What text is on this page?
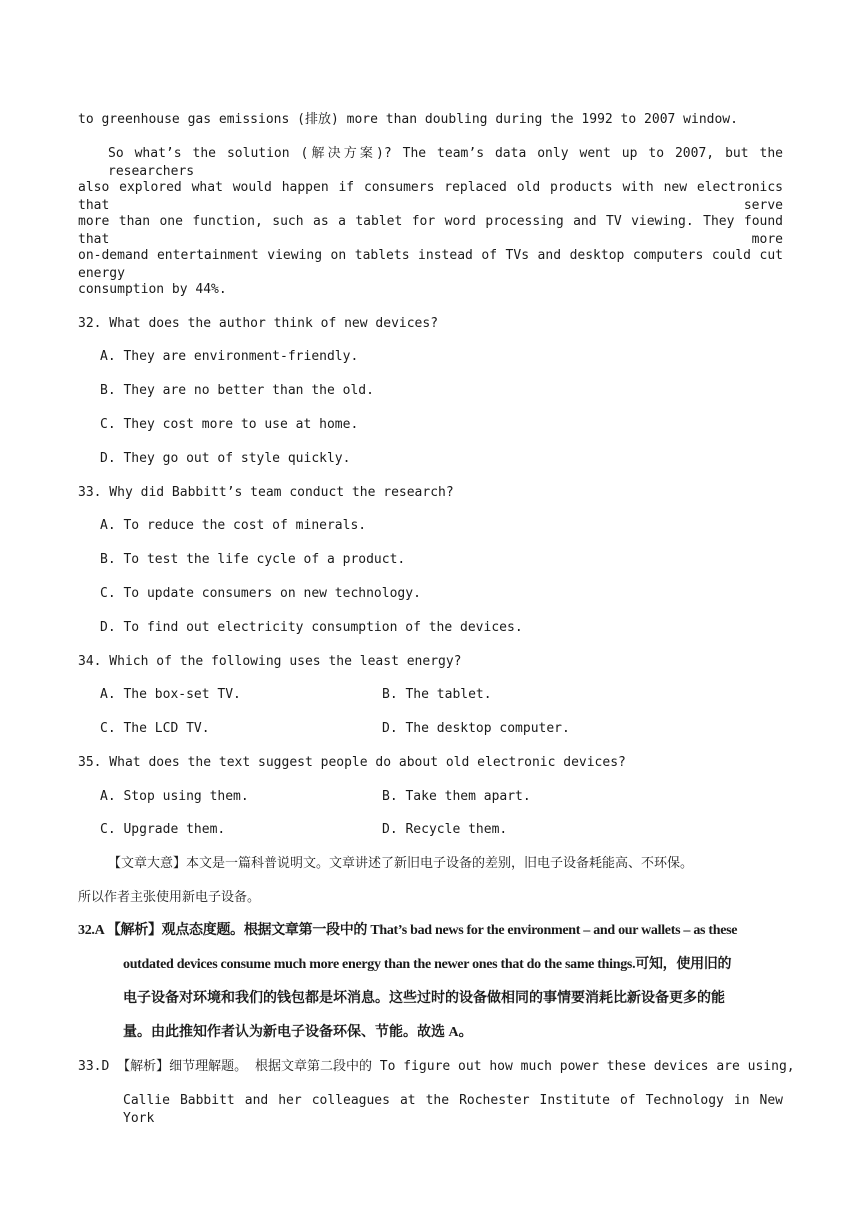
to greenhouse gas emissions (排放) more than doubling during the 1992 to 2007 window.
So what’s the solution (解决方案)? The team’s data only went up to 2007, but the researchers
also explored what would happen if consumers replaced old products with new electronics that serve
more than one function, such as a tablet for word processing and TV viewing. They found that more
on-demand entertainment viewing on tablets instead of TVs and desktop computers could cut energy
consumption by 44%.
32. What does the author think of new devices?
A. They are environment-friendly.
B. They are no better than the old.
C. They cost more to use at home.
D. They go out of style quickly.
33. Why did Babbitt’s team conduct the research?
A. To reduce the cost of minerals.
B. To test the life cycle of a product.
C. To update consumers on new technology.
D. To find out electricity consumption of the devices.
34. Which of the following uses the least energy?
A. The box-set TV.	B. The tablet.
C. The LCD TV.	D. The desktop computer.
35. What does the text suggest people do about old electronic devices?
A. Stop using them.	B. Take them apart.
C. Upgrade them.	D. Recycle them.
【文章大意】本文是一篇科普说明文。文章讲述了新旧电子设备的差别，旧电子设备耗能高、不环保。
所以作者主张使用新电子设备。
32.A 【解析】观点态度题。根据文章第一段中的 That’s bad news for the environment – and our wallets – as these
outdated devices consume much more energy than the newer ones that do the same things.可知，使用旧的
电子设备对环境和我们的钱包都是坏消息。这些过时的设备做相同的事情要消耗比新设备更多的能
量。由此推知作者认为新电子设备环保、节能。故选 A。
33.D 【解析】细节理解题。 根据文章第二段中的 To figure out how much power these devices are using,
Callie Babbitt and her colleagues at the Rochester Institute of Technology in New York
